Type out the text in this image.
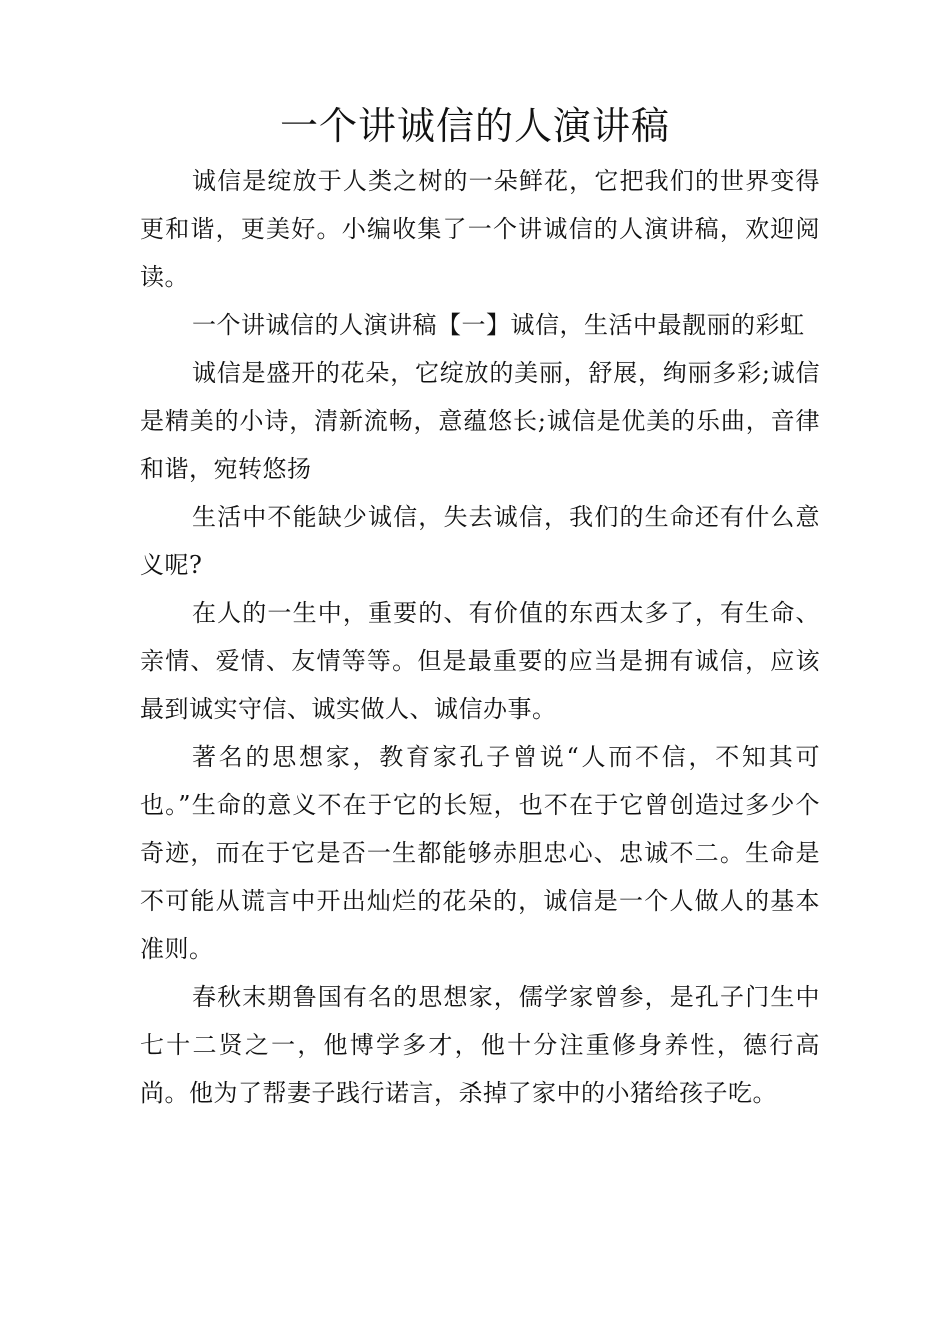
一个讲诚信的人演讲稿

诚信是绽放于人类之树的一朵鲜花，它把我们的世界变得更和谐，更美好。小编收集了一个讲诚信的人演讲稿，欢迎阅读。

一个讲诚信的人演讲稿【一】诚信，生活中最靓丽的彩虹

诚信是盛开的花朵，它绽放的美丽，舒展，绚丽多彩;诚信是精美的小诗，清新流畅，意蕴悠长;诚信是优美的乐曲，音律和谐，宛转悠扬

生活中不能缺少诚信，失去诚信，我们的生命还有什么意义呢?

在人的一生中，重要的、有价值的东西太多了，有生命、亲情、爱情、友情等等。但是最重要的应当是拥有诚信，应该最到诚实守信、诚实做人、诚信办事。

著名的思想家，教育家孔子曾说“人而不信，不知其可也。”生命的意义不在于它的长短，也不在于它曾创造过多少个奇迹，而在于它是否一生都能够赤胆忠心、忠诚不二。生命是不可能从谎言中开出灿烂的花朵的，诚信是一个人做人的基本准则。

春秋末期鲁国有名的思想家，儒学家曾参，是孔子门生中七十二贤之一，他博学多才，他十分注重修身养性，德行高尚。他为了帮妻子践行诺言，杀掉了家中的小猪给孩子吃。
